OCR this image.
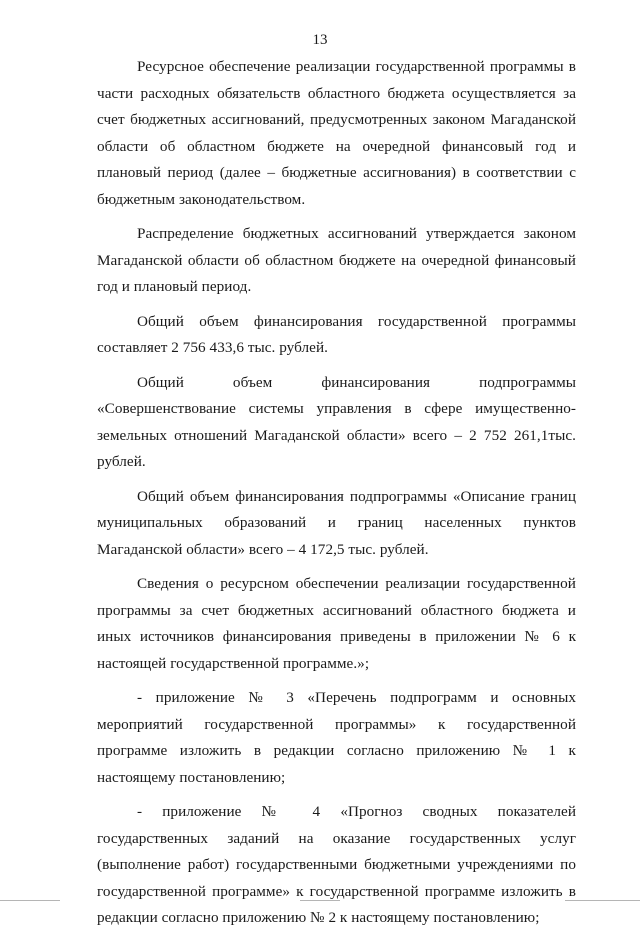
13

Ресурсное обеспечение реализации государственной программы в части расходных обязательств областного бюджета осуществляется за счет бюджетных ассигнований, предусмотренных законом Магаданской области об областном бюджете на очередной финансовый год и плановый период (далее – бюджетные ассигнования) в соответствии с бюджетным законодательством.

Распределение бюджетных ассигнований утверждается законом Магаданской области об областном бюджете на очередной финансовый год и плановый период.

Общий объем финансирования государственной программы составляет 2 756 433,6 тыс. рублей.

Общий объем финансирования подпрограммы «Совершенствование системы управления в сфере имущественно-земельных отношений Магаданской области» всего – 2 752 261,1тыс. рублей.

Общий объем финансирования подпрограммы «Описание границ муниципальных образований и границ населенных пунктов Магаданской области» всего – 4 172,5 тыс. рублей.

Сведения о ресурсном обеспечении реализации государственной программы за счет бюджетных ассигнований областного бюджета и иных источников финансирования приведены в приложении № 6 к настоящей государственной программе.»;

- приложение № 3 «Перечень подпрограмм и основных мероприятий государственной программы» к государственной программе изложить в редакции согласно приложению № 1 к настоящему постановлению;

- приложение № 4 «Прогноз сводных показателей государственных заданий на оказание государственных услуг (выполнение работ) государственными бюджетными учреждениями по государственной программе» к государственной программе изложить в редакции согласно приложению № 2 к настоящему постановлению;
